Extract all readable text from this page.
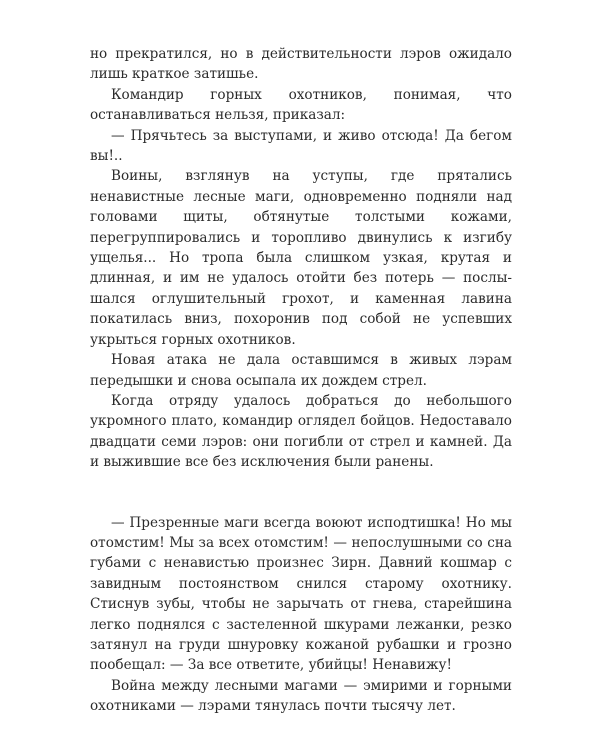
но прекратился, но в действительности лэров ожидало лишь краткое затишье.

Командир горных охотников, понимая, что останавливаться нельзя, приказал:

— Прячьтесь за выступами, и живо отсюда! Да бегом вы!..

Воины, взглянув на уступы, где прятались ненавистные лесные маги, одновременно подняли над головами щиты, обтянутые толстыми кожами, перегруппировались и торопливо двинулись к изгибу ущелья... Но тропа была слишком узкая, крутая и длинная, и им не удалось отойти без потерь — послышался оглушительный грохот, и каменная лавина покатилась вниз, похоронив под собой не успевших укрыться горных охотников.

Новая атака не дала оставшимся в живых лэрам передышки и снова осыпала их дождем стрел.

Когда отряду удалось добраться до небольшого укромного плато, командир оглядел бойцов. Недоставало двадцати семи лэров: они погибли от стрел и камней. Да и выжившие все без исключения были ранены.

— Презренные маги всегда воюют исподтишка! Но мы отомстим! Мы за всех отомстим! — непослушными со сна губами с ненавистью произнес Зирн. Давний кошмар с завидным постоянством снился старому охотнику. Стиснув зубы, чтобы не зарычать от гнева, старейшина легко поднялся с застеленной шкурами лежанки, резко затянул на груди шнуровку кожаной рубашки и грозно пообещал: — За все ответите, убийцы! Ненавижу!

Война между лесными магами — эмирими и горными охотниками — лэрами тянулась почти тысячу лет.
